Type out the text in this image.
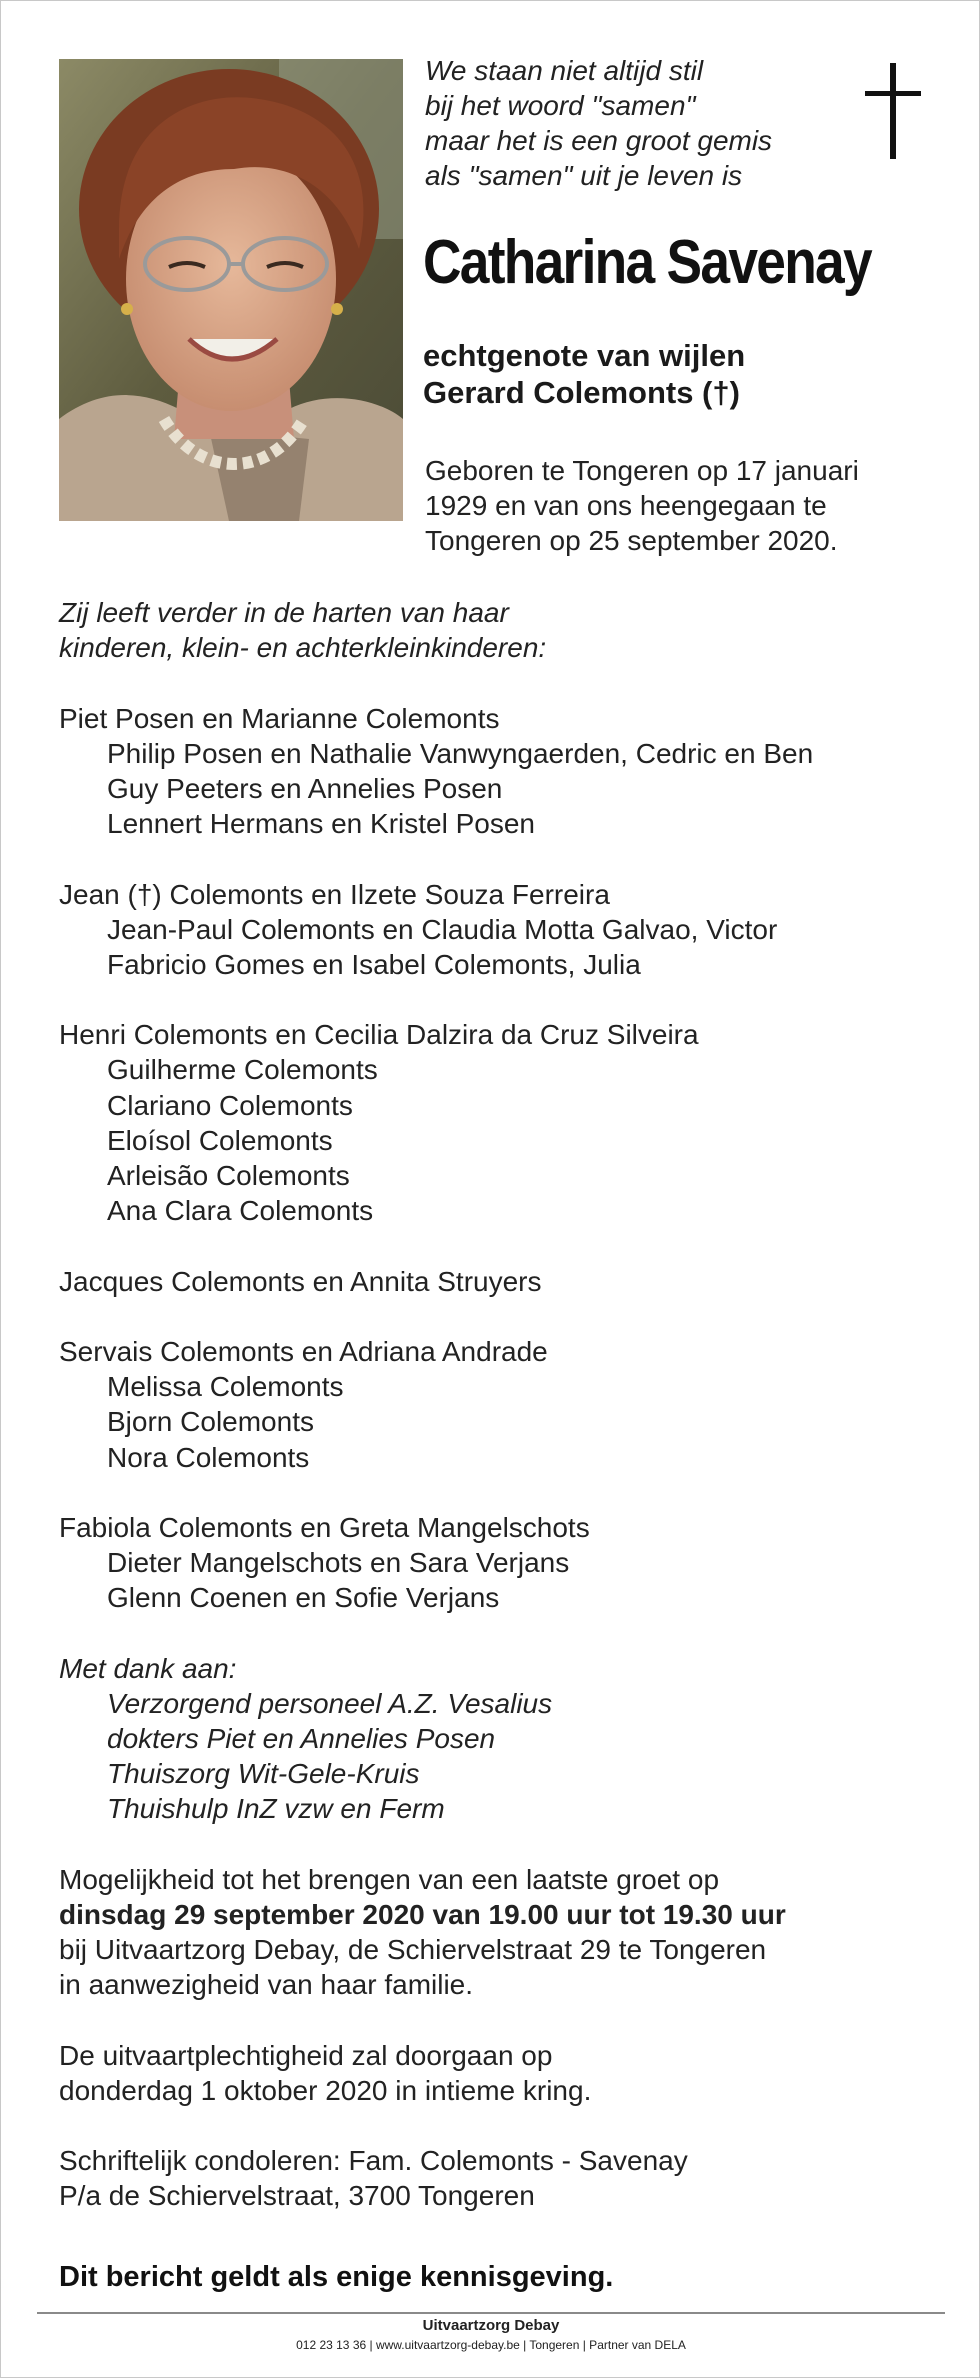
We staan niet altijd stil
bij het woord "samen"
maar het is een groot gemis
als "samen" uit je leven is
Catharina Savenay
echtgenote van wijlen
Gerard Colemonts (†)
Geboren te Tongeren op 17 januari
1929 en van ons heengegaan te
Tongeren op 25 september 2020.
Zij leeft verder in de harten van haar
kinderen, klein- en achterkleinkinderen:
Piet Posen en Marianne Colemonts
Philip Posen en Nathalie Vanwyngaerden, Cedric en Ben
Guy Peeters en Annelies Posen
Lennert Hermans en Kristel Posen
Jean (†) Colemonts en Ilzete Souza Ferreira
Jean-Paul Colemonts en Claudia Motta Galvao, Victor
Fabricio Gomes en Isabel Colemonts, Julia
Henri Colemonts en Cecilia Dalzira da Cruz Silveira
Guilherme Colemonts
Clariano Colemonts
Eloísol Colemonts
Arleisão Colemonts
Ana Clara Colemonts
Jacques Colemonts en Annita Struyers
Servais Colemonts en Adriana Andrade
Melissa Colemonts
Bjorn Colemonts
Nora Colemonts
Fabiola Colemonts en Greta Mangelschots
Dieter Mangelschots en Sara Verjans
Glenn Coenen en Sofie Verjans
Met dank aan:
Verzorgend personeel A.Z. Vesalius
dokters Piet en Annelies Posen
Thuiszorg Wit-Gele-Kruis
Thuishulp InZ vzw en Ferm
Mogelijkheid tot het brengen van een laatste groet op
dinsdag 29 september 2020 van 19.00 uur tot 19.30 uur
bij Uitvaartzorg Debay, de Schiervelstraat 29 te Tongeren
in aanwezigheid van haar familie.
De uitvaartplechtigheid zal doorgaan op
donderdag 1 oktober 2020 in intieme kring.
Schriftelijk condoleren: Fam. Colemonts - Savenay
P/a de Schiervelstraat, 3700 Tongeren
Dit bericht geldt als enige kennisgeving.
Uitvaartzorg Debay
012 23 13 36 | www.uitvaartzorg-debay.be | Tongeren | Partner van DELA
